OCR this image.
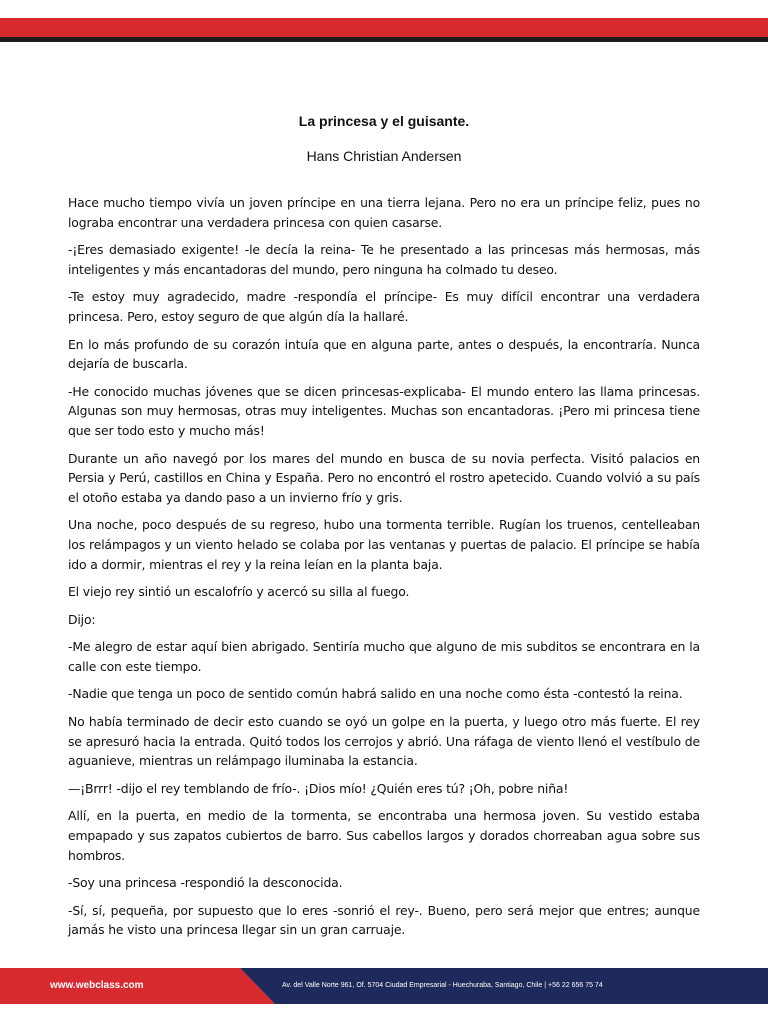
La princesa y el guisante.
Hans Christian Andersen

Hace mucho tiempo vivía un joven príncipe en una tierra lejana. Pero no era un príncipe feliz, pues no lograba encontrar una verdadera princesa con quien casarse.

-¡Eres demasiado exigente! -le decía la reina- Te he presentado a las princesas más hermosas, más inteligentes y más encantadoras del mundo, pero ninguna ha colmado tu deseo.

-Te estoy muy agradecido, madre -respondía el príncipe- Es muy difícil encontrar una verdadera princesa. Pero, estoy seguro de que algún día la hallaré.

En lo más profundo de su corazón intuía que en alguna parte, antes o después, la encontraría. Nunca dejaría de buscarla.

-He conocido muchas jóvenes que se dicen princesas-explicaba- El mundo entero las llama princesas. Algunas son muy hermosas, otras muy inteligentes. Muchas son encantadoras. ¡Pero mi princesa tiene que ser todo esto y mucho más!

Durante un año navegó por los mares del mundo en busca de su novia perfecta. Visitó palacios en Persia y Perú, castillos en China y España. Pero no encontró el rostro apetecido. Cuando volvió a su país el otoño estaba ya dando paso a un invierno frío y gris.

Una noche, poco después de su regreso, hubo una tormenta terrible. Rugían los truenos, centelleaban los relámpagos y un viento helado se colaba por las ventanas y puertas de palacio. El príncipe se había ido a dormir, mientras el rey y la reina leían en la planta baja.

El viejo rey sintió un escalofrío y acercó su silla al fuego.

Dijo:

-Me alegro de estar aquí bien abrigado. Sentiría mucho que alguno de mis subditos se encontrara en la calle con este tiempo.

-Nadie que tenga un poco de sentido común habrá salido en una noche como ésta -contestó la reina.

No había terminado de decir esto cuando se oyó un golpe en la puerta, y luego otro más fuerte. El rey se apresuró hacia la entrada. Quitó todos los cerrojos y abrió. Una ráfaga de viento llenó el vestíbulo de aguanieve, mientras un relámpago iluminaba la estancia.

—¡Brrr! -dijo el rey temblando de frío-. ¡Dios mío! ¿Quién eres tú? ¡Oh, pobre niña!

Allí, en la puerta, en medio de la tormenta, se encontraba una hermosa joven. Su vestido estaba empapado y sus zapatos cubiertos de barro. Sus cabellos largos y dorados chorreaban agua sobre sus hombros.

-Soy una princesa -respondió la desconocida.

-Sí, sí, pequeña, por supuesto que lo eres -sonrió el rey-. Bueno, pero será mejor que entres; aunque jamás he visto una princesa llegar sin un gran carruaje.

www.webclass.com	Av. del Valle Norte 961, Of. 5704 Ciudad Empresarial - Huechuraba, Santiago, Chile | +56 22 656 75 74
